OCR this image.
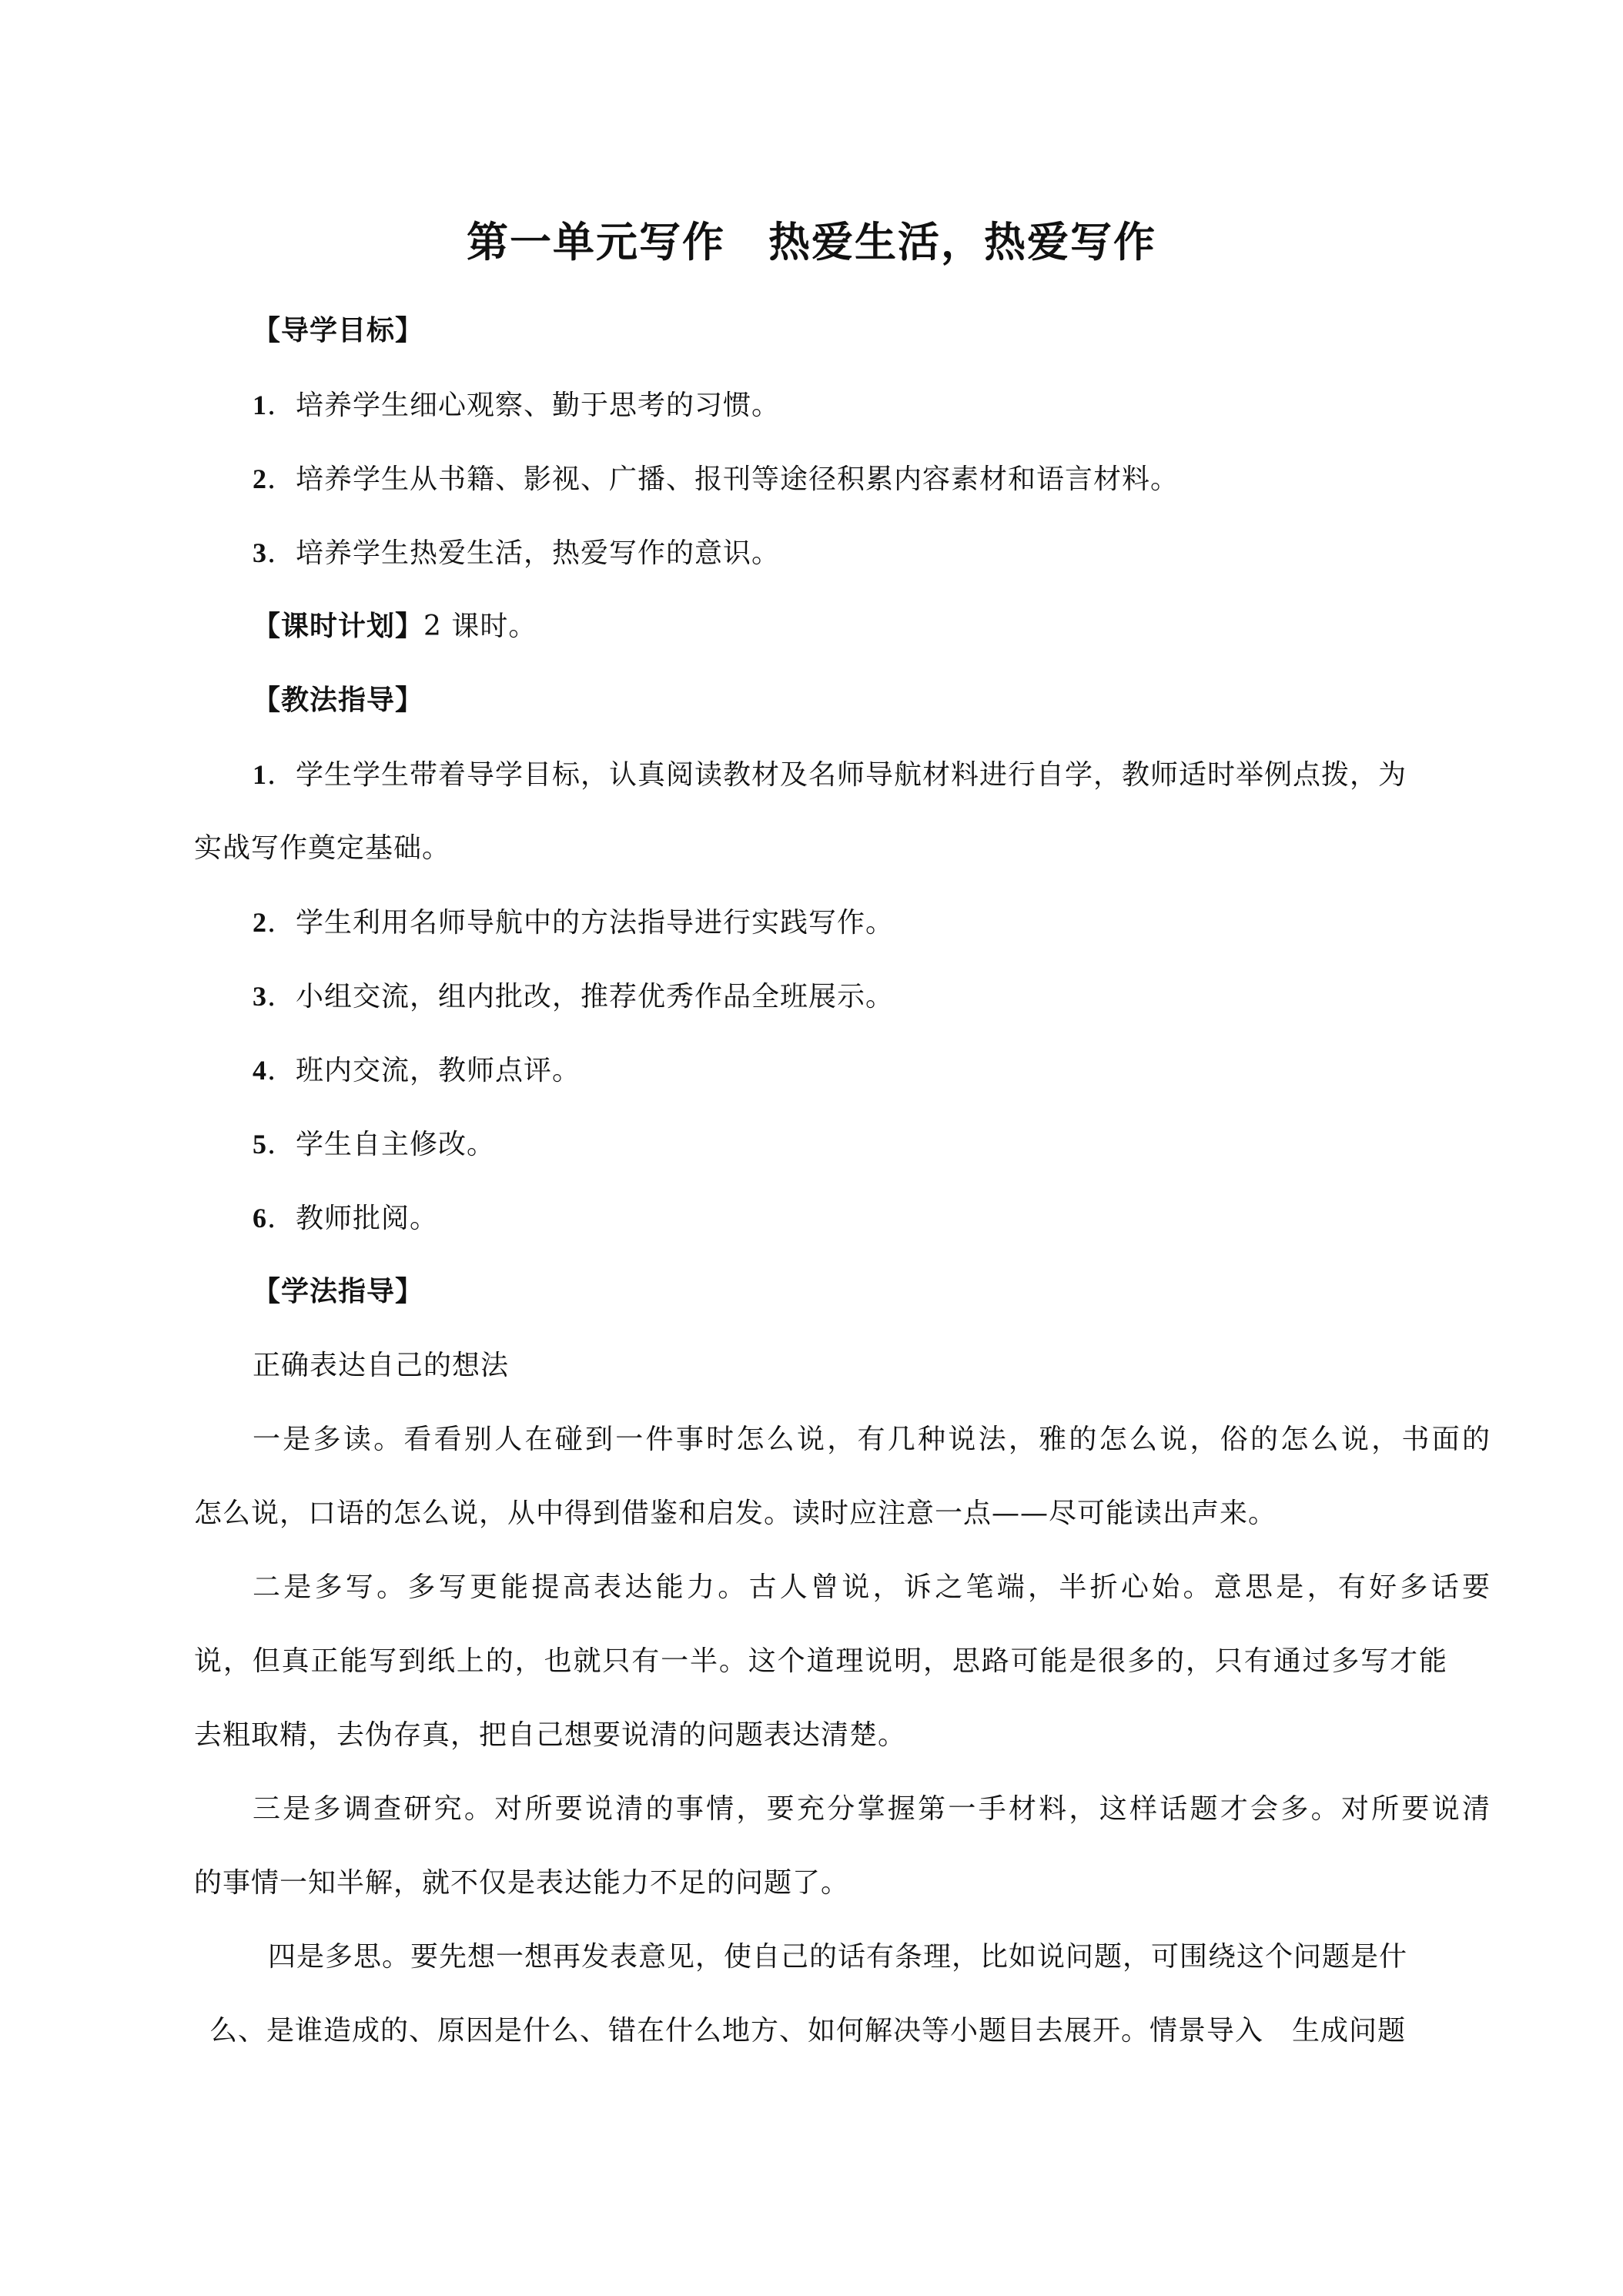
第一单元写作　热爱生活，热爱写作
【导学目标】
1．培养学生细心观察、勤于思考的习惯。
2．培养学生从书籍、影视、广播、报刊等途径积累内容素材和语言材料。
3．培养学生热爱生活，热爱写作的意识。
【课时计划】2 课时。
【教法指导】
1．学生学生带着导学目标，认真阅读教材及名师导航材料进行自学，教师适时举例点拨，为
实战写作奠定基础。
2．学生利用名师导航中的方法指导进行实践写作。
3．小组交流，组内批改，推荐优秀作品全班展示。
4．班内交流，教师点评。
5．学生自主修改。
6．教师批阅。
【学法指导】
正确表达自己的想法
一是多读。看看别人在碰到一件事时怎么说，有几种说法，雅的怎么说，俗的怎么说，书面的
怎么说，口语的怎么说，从中得到借鉴和启发。读时应注意一点——尽可能读出声来。
二是多写。多写更能提高表达能力。古人曾说，诉之笔端，半折心始。意思是，有好多话要
说，但真正能写到纸上的，也就只有一半。这个道理说明，思路可能是很多的，只有通过多写才能
去粗取精，去伪存真，把自己想要说清的问题表达清楚。
三是多调查研究。对所要说清的事情，要充分掌握第一手材料，这样话题才会多。对所要说清
的事情一知半解，就不仅是表达能力不足的问题了。
四是多思。要先想一想再发表意见，使自己的话有条理，比如说问题，可围绕这个问题是什
么、是谁造成的、原因是什么、错在什么地方、如何解决等小题目去展开。情景导入　生成问题
